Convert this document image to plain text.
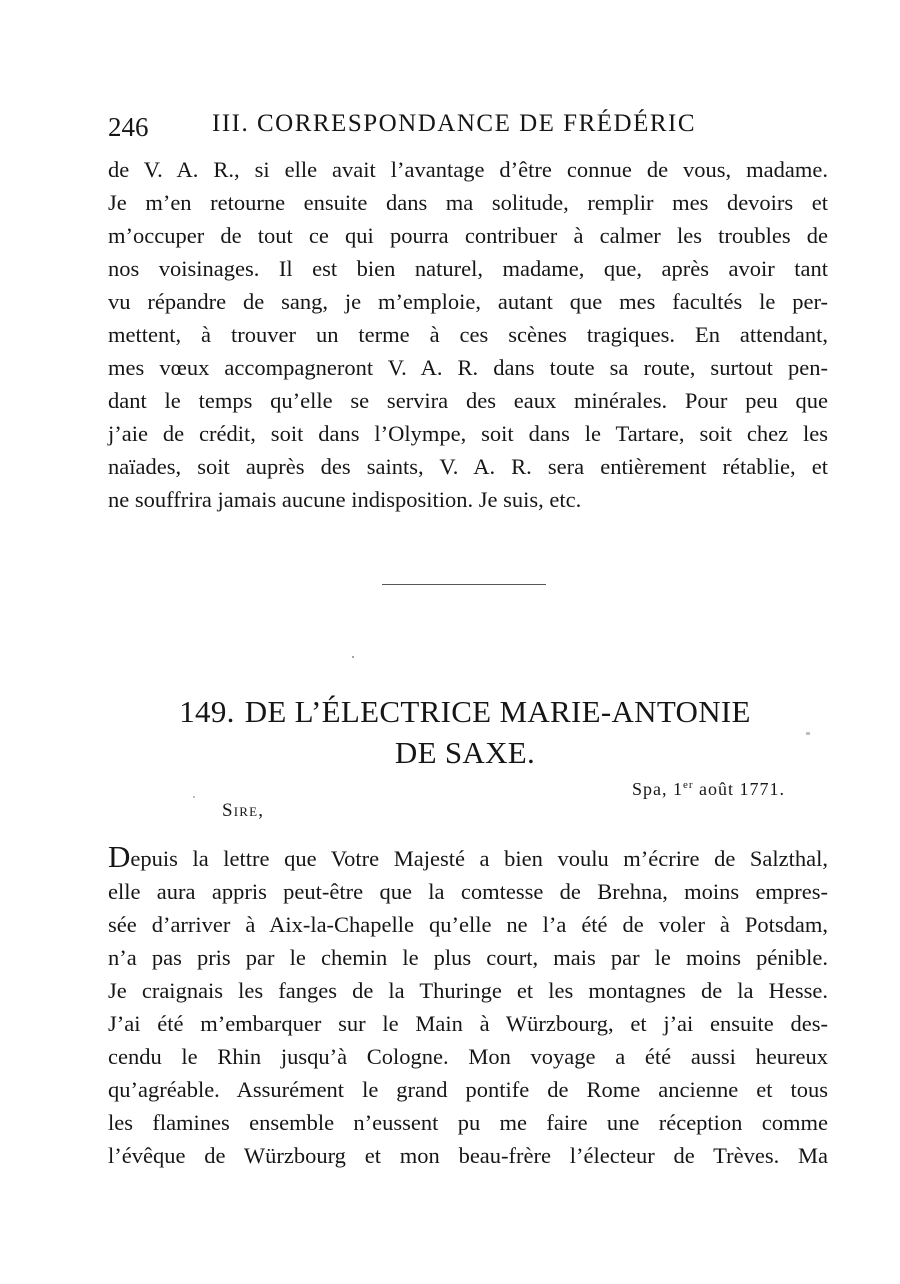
246	III. CORRESPONDANCE DE FRÉDÉRIC
de V. A. R., si elle avait l’avantage d’être connue de vous, madame.
Je m’en retourne ensuite dans ma solitude, remplir mes devoirs et
m’occuper de tout ce qui pourra contribuer à calmer les troubles de
nos voisinages. Il est bien naturel, madame, que, après avoir tant
vu répandre de sang, je m’emploie, autant que mes facultés le per-
mettent, à trouver un terme à ces scènes tragiques. En attendant,
mes vœux accompagneront V. A. R. dans toute sa route, surtout pen-
dant le temps qu’elle se servira des eaux minérales. Pour peu que
j’aie de crédit, soit dans l’Olympe, soit dans le Tartare, soit chez les
naïades, soit auprès des saints, V. A. R. sera entièrement rétablie, et
ne souffrira jamais aucune indisposition. Je suis, etc.
149. DE L’ÉLECTRICE MARIE-ANTONIE
DE SAXE.
Spa, 1er août 1771.
Sire,
Depuis la lettre que Votre Majesté a bien voulu m’écrire de Salzthal,
elle aura appris peut-être que la comtesse de Brehna, moins empres-
sée d’arriver à Aix-la-Chapelle qu’elle ne l’a été de voler à Potsdam,
n’a pas pris par le chemin le plus court, mais par le moins pénible.
Je craignais les fanges de la Thuringe et les montagnes de la Hesse.
J’ai été m’embarquer sur le Main à Würzbourg, et j’ai ensuite des-
cendu le Rhin jusqu’à Cologne. Mon voyage a été aussi heureux
qu’agréable. Assurément le grand pontife de Rome ancienne et tous
les flamines ensemble n’eussent pu me faire une réception comme
l’évêque de Würzbourg et mon beau-frère l’électeur de Trèves. Ma
